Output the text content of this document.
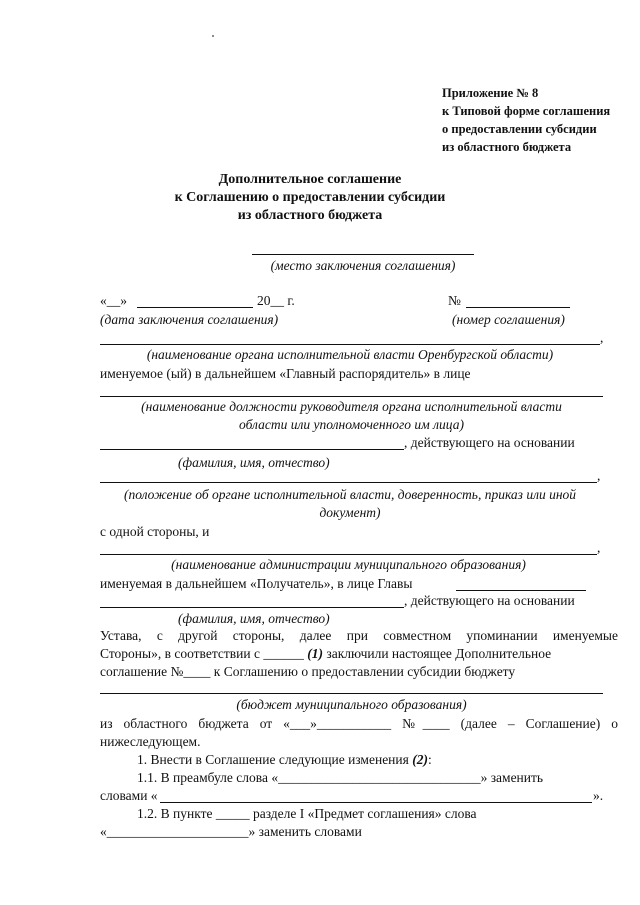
Приложение № 8
к Типовой форме соглашения
о предоставлении субсидии
из областного бюджета
Дополнительное соглашение
к Соглашению о предоставлении субсидии
из областного бюджета
(место заключения соглашения)
«__»	20__ г.	№
(дата заключения соглашения)	(номер соглашения)
,
(наименование органа исполнительной власти Оренбургской области)
именуемое (ый) в дальнейшем «Главный распорядитель» в лице
(наименование должности руководителя органа исполнительной власти
области или уполномоченного им лица)
, действующего на основании
(фамилия, имя, отчество)
,
(положение об органе исполнительной власти, доверенность, приказ или иной
документ)
с одной стороны, и
,
(наименование администрации муниципального образования)
именуемая в дальнейшем «Получатель», в лице Главы
, действующего на основании
(фамилия, имя, отчество)
Устава, с другой стороны, далее при совместном упоминании именуемые
Стороны», в соответствии с ______ (1) заключили настоящее Дополнительное
соглашение №____ к Соглашению о предоставлении субсидии бюджету
(бюджет муниципального образования)
из областного бюджета от «___»___________ №____ (далее – Соглашение) о
нижеследующем.
1. Внести в Соглашение следующие изменения (2):
1.1. В преамбуле слова «______________________________» заменить
словами «	».
1.2. В пункте _____ разделе I «Предмет соглашения» слова
«_____________________» заменить словами
